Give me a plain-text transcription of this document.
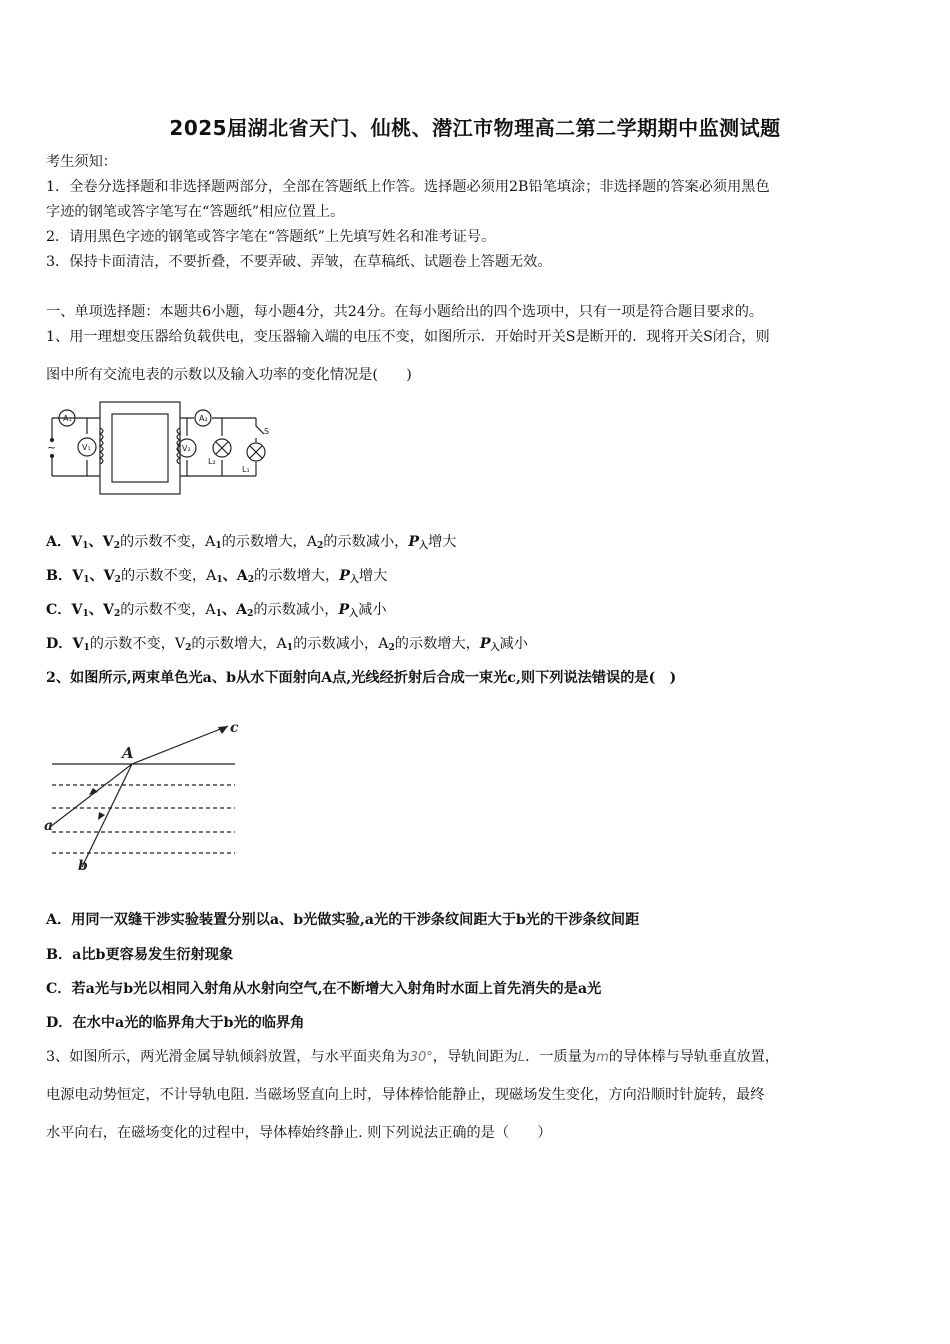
2025届湖北省天门、仙桃、潜江市物理高二第二学期期中监测试题
考生须知：
1．全卷分选择题和非选择题两部分，全部在答题纸上作答。选择题必须用2B铅笔填涂；非选择题的答案必须用黑色
字迹的钢笔或答字笔写在“答题纸”相应位置上。
2．请用黑色字迹的钢笔或答字笔在“答题纸”上先填写姓名和准考证号。
3．保持卡面清洁，不要折叠，不要弄破、弄皱，在草稿纸、试题卷上答题无效。
一、单项选择题：本题共6小题，每小题4分，共24分。在每小题给出的四个选项中，只有一项是符合题目要求的。
1、用一理想变压器给负载供电，变压器输入端的电压不变，如图所示．开始时开关S是断开的．现将开关S闭合，则
图中所有交流电表的示数以及输入功率的变化情况是(　　)
A₁
V₁
A₂
V₂
L₂
L₁
S
~
A．$V_1$、$V_2$的示数不变，$A_1$的示数增大，$A_2$的示数减小，$P_入$增大
B．$V_1$、$V_2$的示数不变，$A_1$、$A_2$的示数增大，$P_入$增大
C．$V_1$、$V_2$的示数不变，$A_1$、$A_2$的示数减小，$P_入$减小
D．$V_1$的示数不变，$V_2$的示数增大，$A_1$的示数减小，$A_2$的示数增大，$P_入$减小
2、如图所示,两束单色光a、b从水下面射向A点,光线经折射后合成一束光c,则下列说法错误的是(　)
A
a
b
c
A．用同一双缝干涉实验装置分别以a、b光做实验,a光的干涉条纹间距大于b光的干涉条纹间距
B．a比b更容易发生衍射现象
C．若a光与b光以相同入射角从水射向空气,在不断增大入射角时水面上首先消失的是a光
D．在水中a光的临界角大于b光的临界角
3、如图所示，两光滑金属导轨倾斜放置，与水平面夹角为30°，导轨间距为L．一质量为m的导体棒与导轨垂直放置，
电源电动势恒定，不计导轨电阻. 当磁场竖直向上时，导体棒恰能静止，现磁场发生变化，方向沿顺时针旋转，最终
水平向右，在磁场变化的过程中，导体棒始终静止. 则下列说法正确的是（　　）
